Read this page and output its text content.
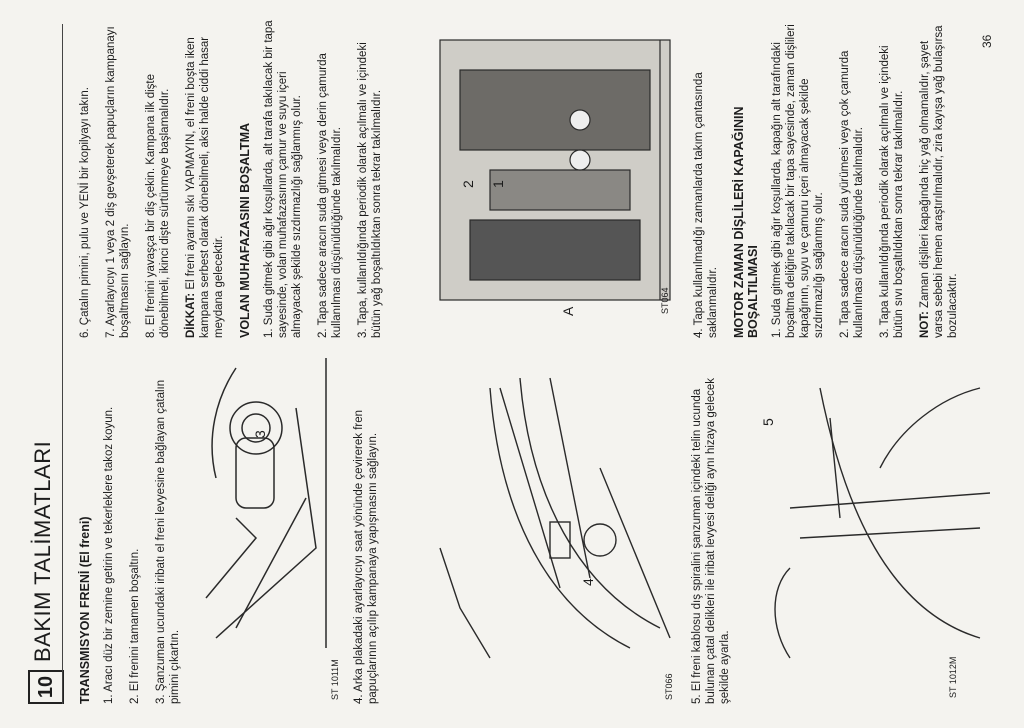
10
BAKIM TALİMATLARI TRANSMISYON FRENİ (El freni) 1. Aracı düz bir zemine getirin ve tekerleklere takoz koyun. 2. El frenini tamamen boşaltın. 3. Şanzuman ucundaki iribatı el freni levyesine bağlayan çatalın pimini çıkartın.	ST 1011M
3	4. Arka plakadaki ayarlayıcıyı saat yönünde çevirerek fren papuçlarının açılıp kampanaya yapışmasını sağlayın.	ST066
4	5. El freni kablosu dış spiralini şanzuman içindeki telin ucunda bulunan çatal delikleri ile iribat levyesi deliği aynı hizaya gelecek şekilde ayarla.	ST 1012M
5

6. Çatalın pimini, pulu ve YENİ bir kopilyayı takın. 7. Ayarlayıcıyı 1 veya 2 diş gevşeterek papuçların kampanayı boşaltmasını sağlayın. 8. El frenini yavaşça bir diş çekin. Kampana ilk dişte dönebilmeli, ikinci dişte sürtünmeye başlamalıdır. DİKKAT: El freni ayarını sıkı YAPMAYIN, el freni boşta iken kampana serbest olarak dönebilmeli, aksi halde ciddi hasar meydana gelecektir. VOLAN MUHAFAZASINI BOŞALTMA 1. Suda gitmek gibi ağır koşullarda, alt tarafa takılacak bir tapa sayesinde, volan muhafazasının çamur ve suyu içeri almayacak şekilde sızdırmazlığı sağlanmış olur. 2. Tapa sadece aracın suda gitmesi veya derin çamurda kullanılması düşünüldüğünde takılmalıdır. 3. Tapa, kullanıldığında periodik olarak açılmalı ve içindeki bütün yağ boşaltıldıktan sonra tekrar takılmalıdır.	ST064
A
1
2	4. Tapa kullanılmadığı zamanlarda takım çantasında saklanmalıdır. MOTOR ZAMAN DİŞLİLERİ KAPAĞININ BOŞALTILMASI 1. Suda gitmek gibi ağır koşullarda, kapağın alt tarafındaki boşaltma deliğine takılacak bir tapa sayesinde, zaman dişlileri kapağının, suyu ve çamuru içeri almayacak şekilde sızdırmazlığı sağlanmış olur. 2. Tapa sadece aracın suda yürümesi veya çok çamurda kullanılması düşünüldüğünde takılmalıdır. 3. Tapa kullanıldığında periodik olarak açılmalı ve içindeki bütün sıvı boşaltıldıktan sonra tekrar takılmalıdır. NOT: Zaman dişlileri kapağında hiç yağ olmamalıdır, şayet varsa sebebi hemen araştırılmalıdır, zira kayışa yağ bulaşırsa bozulacaktır.

36
